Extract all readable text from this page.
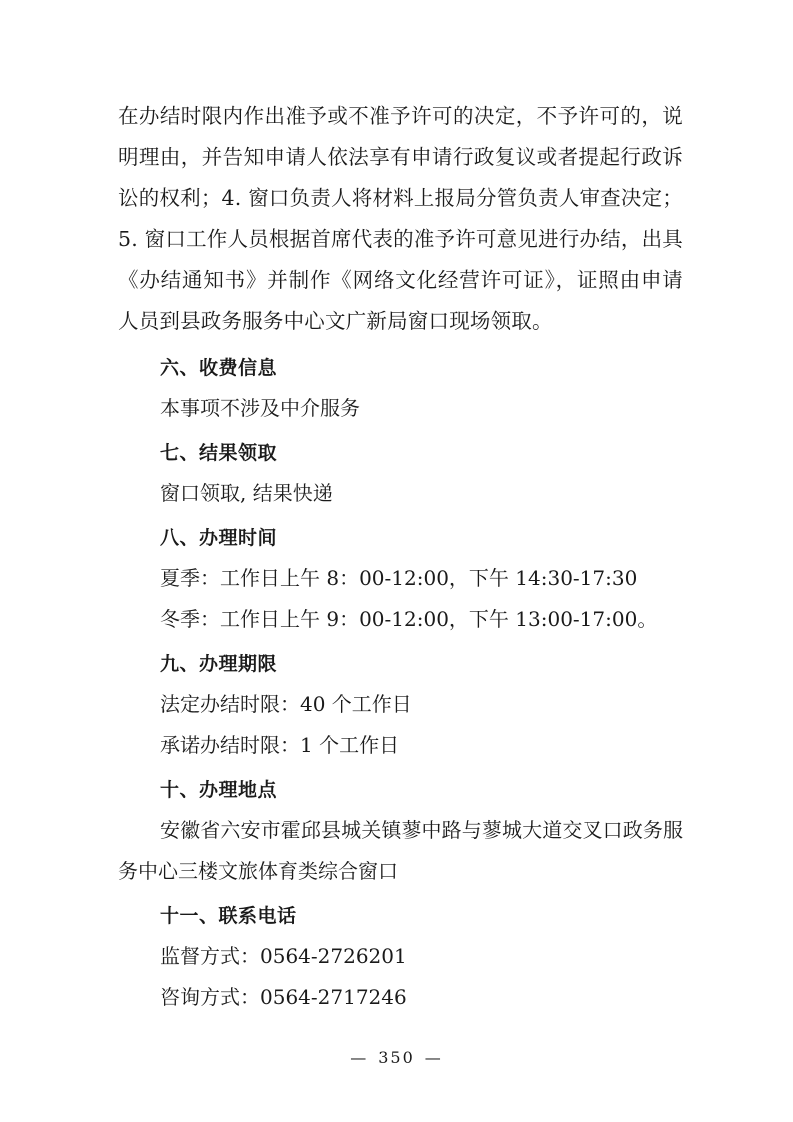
在办结时限内作出准予或不准予许可的决定，不予许可的，说明理由，并告知申请人依法享有申请行政复议或者提起行政诉讼的权利；4. 窗口负责人将材料上报局分管负责人审查决定；5. 窗口工作人员根据首席代表的准予许可意见进行办结，出具《办结通知书》并制作《网络文化经营许可证》，证照由申请人员到县政务服务中心文广新局窗口现场领取。

六、收费信息

本事项不涉及中介服务

七、结果领取

窗口领取, 结果快递

八、办理时间

夏季：工作日上午 8：00-12:00，下午 14:30-17:30

冬季：工作日上午 9：00-12:00，下午 13:00-17:00。

九、办理期限

法定办结时限：40 个工作日

承诺办结时限：1 个工作日

十、办理地点

安徽省六安市霍邱县城关镇蓼中路与蓼城大道交叉口政务服务中心三楼文旅体育类综合窗口

十一、联系电话

监督方式：0564-2726201

咨询方式：0564-2717246

— 350 —
